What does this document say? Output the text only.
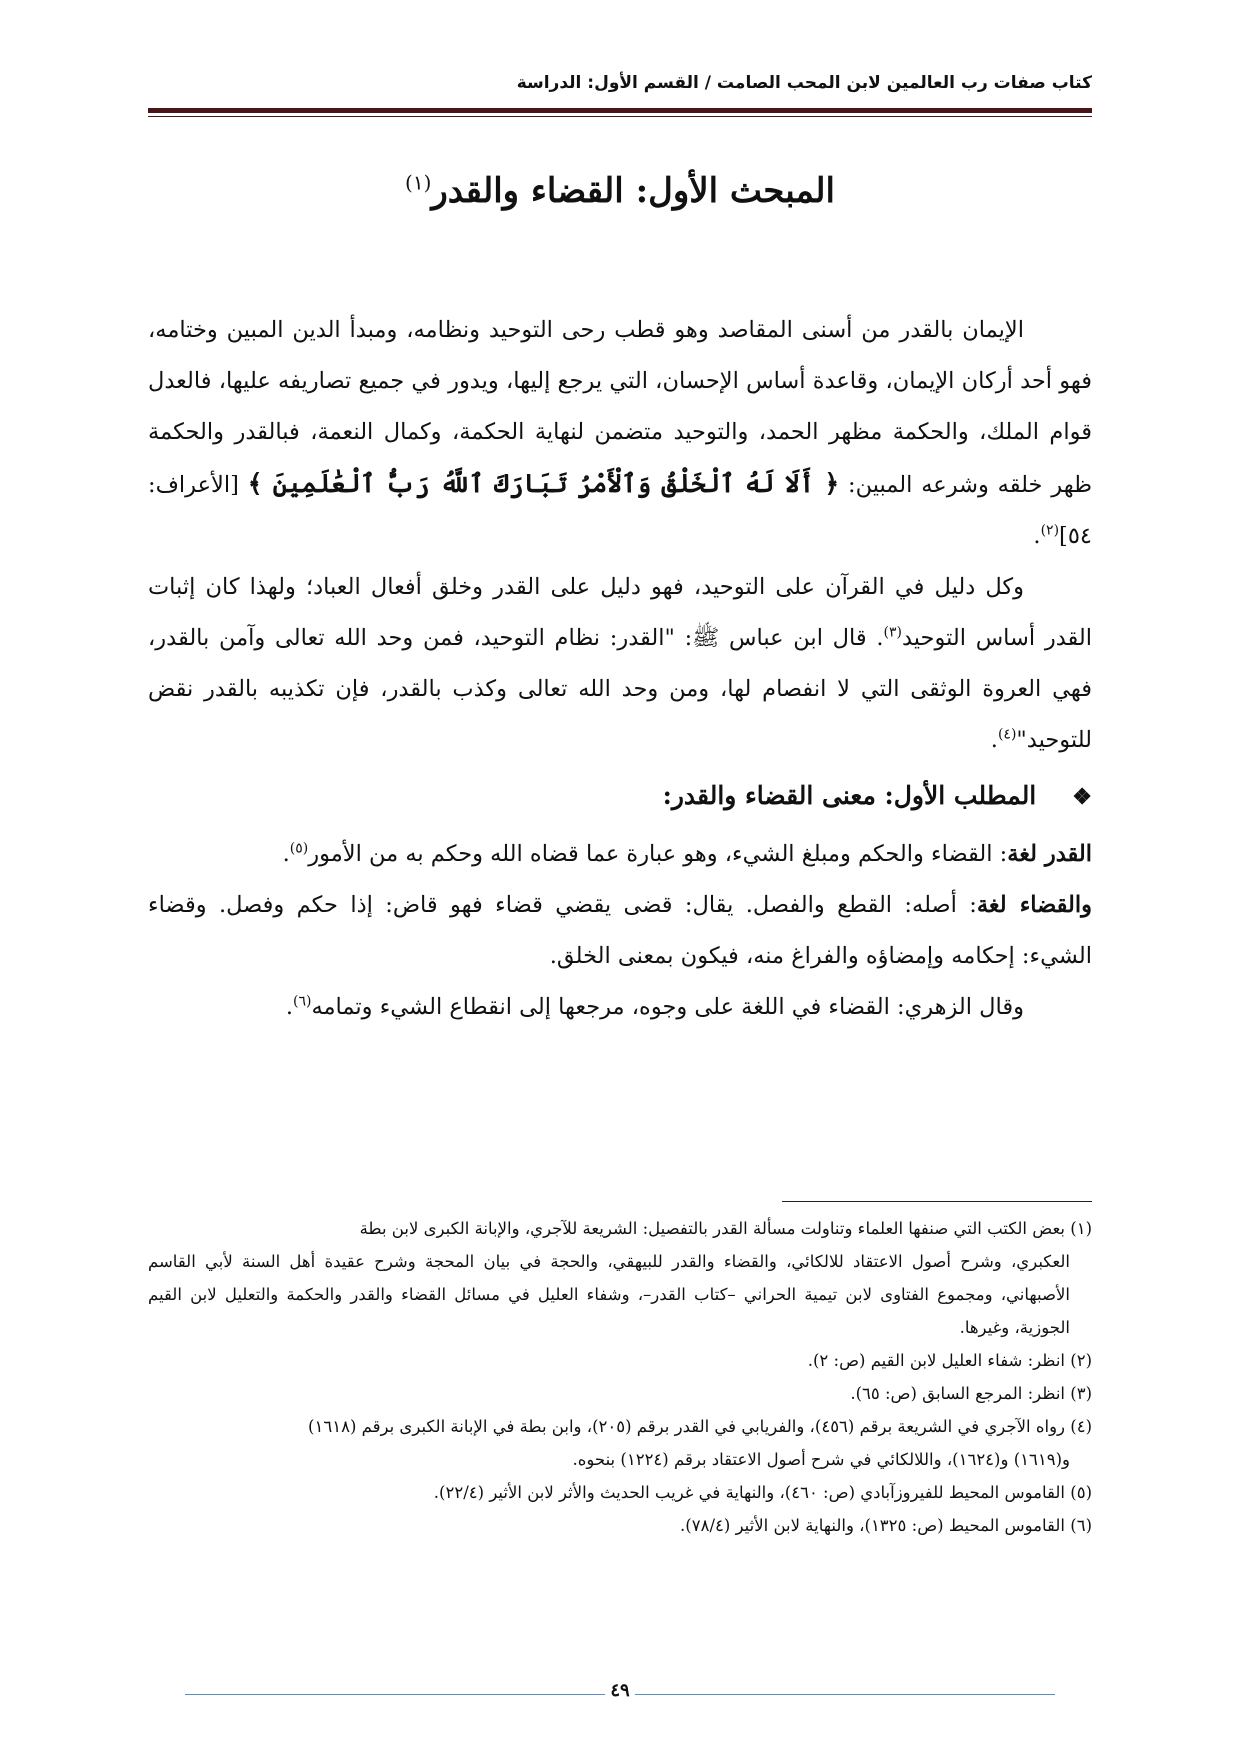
كتاب صفات رب العالمين لابن المحب الصامت / القسم الأول: الدراسة
المبحث الأول: القضاء والقدر$^{(١)}$

الإيمان بالقدر من أسنى المقاصد وهو قطب رحى التوحيد ونظامه، ومبدأ الدين المبين وختامه، فهو أحد أركان الإيمان، وقاعدة أساس الإحسان، التي يرجع إليها، ويدور في جميع تصاريفه عليها، فالعدل قوام الملك، والحكمة مظهر الحمد، والتوحيد متضمن لنهاية الحكمة، وكمال النعمة، فبالقدر والحكمة ظهر خلقه وشرعه المبين: ﴿ أَلَا لَهُ ٱلْخَلْقُ وَٱلْأَمْرُ تَبَارَكَ ٱللَّهُ رَبُّ ٱلْعَٰلَمِينَ ﴾ [الأعراف: ٥٤]$^{(٢)}$.

وكل دليل في القرآن على التوحيد، فهو دليل على القدر وخلق أفعال العباد؛ ولهذا كان إثبات القدر أساس التوحيد$^{(٣)}$. قال ابن عباس ﷺ: "القدر: نظام التوحيد، فمن وحد الله تعالى وآمن بالقدر، فهي العروة الوثقى التي لا انفصام لها، ومن وحد الله تعالى وكذب بالقدر، فإن تكذيبه بالقدر نقض للتوحيد"$^{(٤)}$.

❖المطلب الأول: معنى القضاء والقدر:

القدر لغة: القضاء والحكم ومبلغ الشيء، وهو عبارة عما قضاه الله وحكم به من الأمور$^{(٥)}$.

والقضاء لغة: أصله: القطع والفصل. يقال: قضى يقضي قضاء فهو قاض: إذا حكم وفصل. وقضاء الشيء: إحكامه وإمضاؤه والفراغ منه، فيكون بمعنى الخلق.

وقال الزهري: القضاء في اللغة على وجوه، مرجعها إلى انقطاع الشيء وتمامه$^{(٦)}$.

(١) بعض الكتب التي صنفها العلماء وتناولت مسألة القدر بالتفصيل: الشريعة للآجري، والإبانة الكبرى لابن بطة

العكبري، وشرح أصول الاعتقاد للالكائي، والقضاء والقدر للبيهقي، والحجة في بيان المحجة وشرح عقيدة أهل السنة لأبي القاسم الأصبهاني، ومجموع الفتاوى لابن تيمية الحراني –كتاب القدر–، وشفاء العليل في مسائل القضاء والقدر والحكمة والتعليل لابن القيم الجوزية، وغيرها.

(٢) انظر: شفاء العليل لابن القيم (ص: ٢).

(٣) انظر: المرجع السابق (ص: ٦٥).

(٤) رواه الآجري في الشريعة برقم (٤٥٦)، والفريابي في القدر برقم (٢٠٥)، وابن بطة في الإبانة الكبرى برقم (١٦١٨)

و(١٦١٩) و(١٦٢٤)، واللالكائي في شرح أصول الاعتقاد برقم (١٢٢٤) بنحوه.

(٥) القاموس المحيط للفيروزآبادي (ص: ٤٦٠)، والنهاية في غريب الحديث والأثر لابن الأثير (٢٢/٤).

(٦) القاموس المحيط (ص: ١٣٢٥)، والنهاية لابن الأثير (٧٨/٤).

٤٩
